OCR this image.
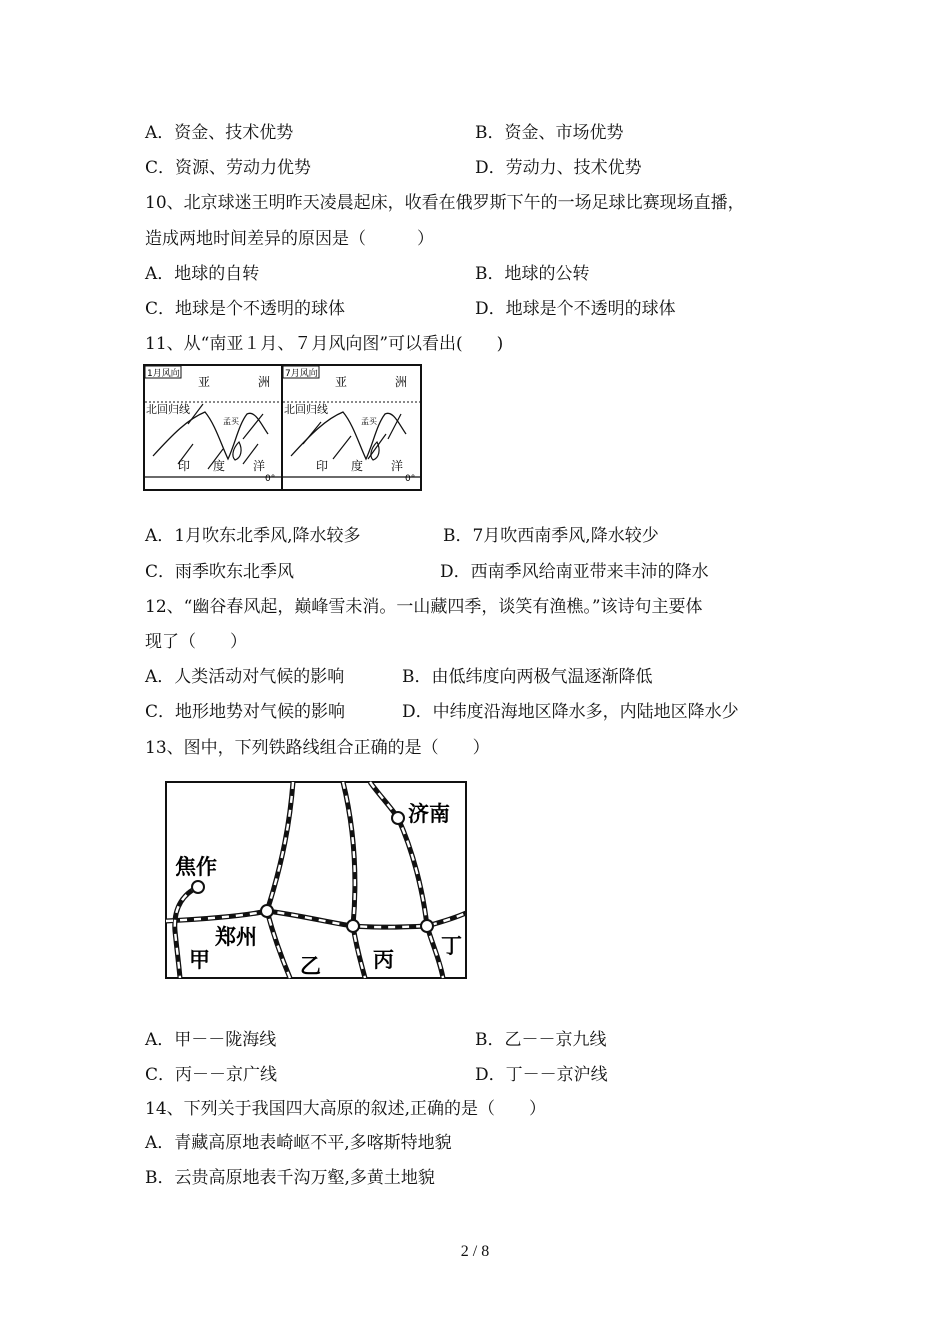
A．资金、技术优势	B．资金、市场优势
C．资源、劳动力优势	D．劳动力、技术优势
10、北京球迷王明昨天凌晨起床，收看在俄罗斯下午的一场足球比赛现场直播，
造成两地时间差异的原因是（　　　）
A．地球的自转	B．地球的公转
C．地球是个不透明的球体	D．地球是个不透明的球体
11、从“南亚１月、７月风向图”可以看出(　　)
1月风向
亚	洲
北回归线
孟买
印 度 洋
0°
7月风向
亚	洲
北回归线
孟买
印 度 洋
0°
A．1月吹东北季风,降水较多	B．7月吹西南季风,降水较少
C．雨季吹东北季风	D．西南季风给南亚带来丰沛的降水
12、“幽谷春风起，巅峰雪未消。一山藏四季，谈笑有渔樵。”该诗句主要体
现了（　　）
A．人类活动对气候的影响	B．由低纬度向两极气温逐渐降低
C．地形地势对气候的影响	D．中纬度沿海地区降水多，内陆地区降水少
13、图中，下列铁路线组合正确的是（　　）
济南
焦作
郑州
甲	乙 丙
丁
A．甲－－陇海线	B．乙－－京九线
C．丙－－京广线	D．丁－－京沪线
14、下列关于我国四大高原的叙述,正确的是（　　）
A．青藏高原地表崎岖不平,多喀斯特地貌
B．云贵高原地表千沟万壑,多黄土地貌
2 / 8
